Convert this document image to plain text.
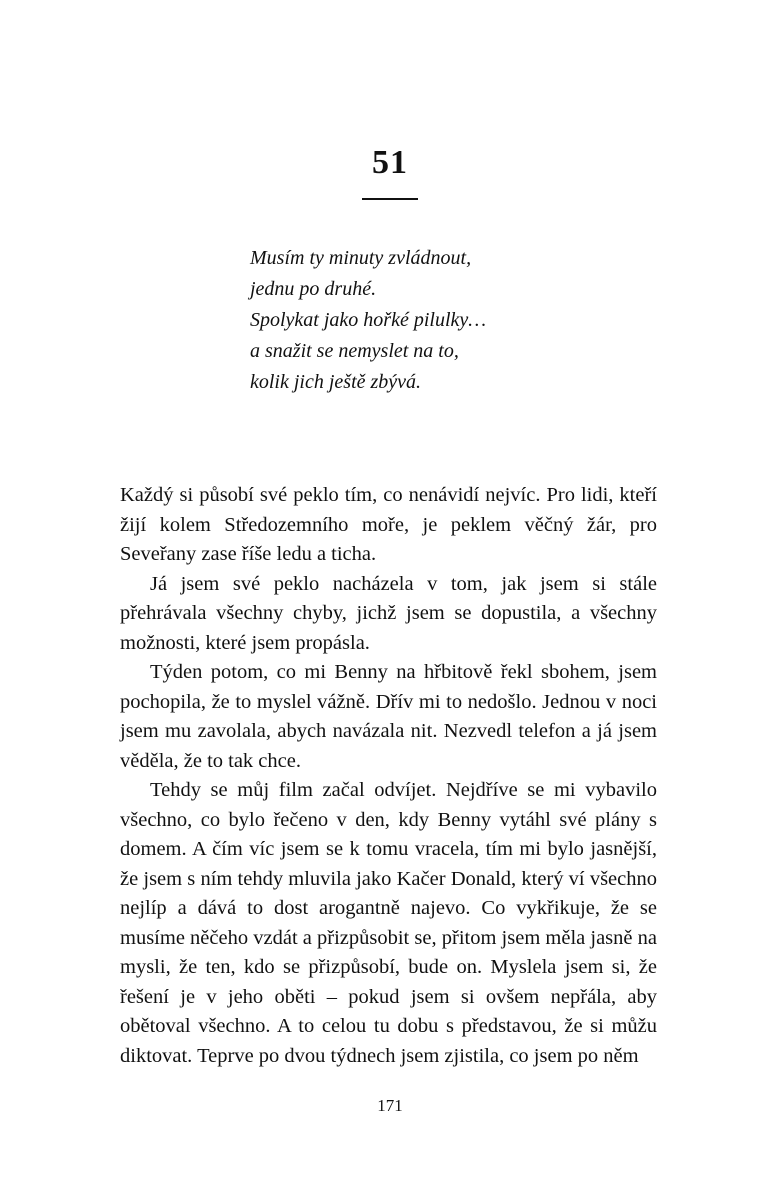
51
Musím ty minuty zvládnout,
jednu po druhé.
Spolykat jako hořké pilulky…
a snažit se nemyslet na to,
kolik jich ještě zbývá.

Každý si působí své peklo tím, co nenávidí nejvíc. Pro lidi, kteří žijí kolem Středozemního moře, je peklem věčný žár, pro Seveřany zase říše ledu a ticha.

Já jsem své peklo nacházela v tom, jak jsem si stále přehrávala všechny chyby, jichž jsem se dopustila, a všechny možnosti, které jsem propásla.

Týden potom, co mi Benny na hřbitově řekl sbohem, jsem pochopila, že to myslel vážně. Dřív mi to nedošlo. Jednou v noci jsem mu zavolala, abych navázala nit. Nezvedl telefon a já jsem věděla, že to tak chce.

Tehdy se můj film začal odvíjet. Nejdříve se mi vybavilo všechno, co bylo řečeno v den, kdy Benny vytáhl své plány s domem. A čím víc jsem se k tomu vracela, tím mi bylo jasnější, že jsem s ním tehdy mluvila jako Kačer Donald, který ví všechno nejlíp a dává to dost arogantně najevo. Co vykřikuje, že se musíme něčeho vzdát a přizpůsobit se, přitom jsem měla jasně na mysli, že ten, kdo se přizpůsobí, bude on. Myslela jsem si, že řešení je v jeho oběti – pokud jsem si ovšem nepřála, aby obětoval všechno. A to celou tu dobu s představou, že si můžu diktovat. Teprve po dvou týdnech jsem zjistila, co jsem po něm

171
